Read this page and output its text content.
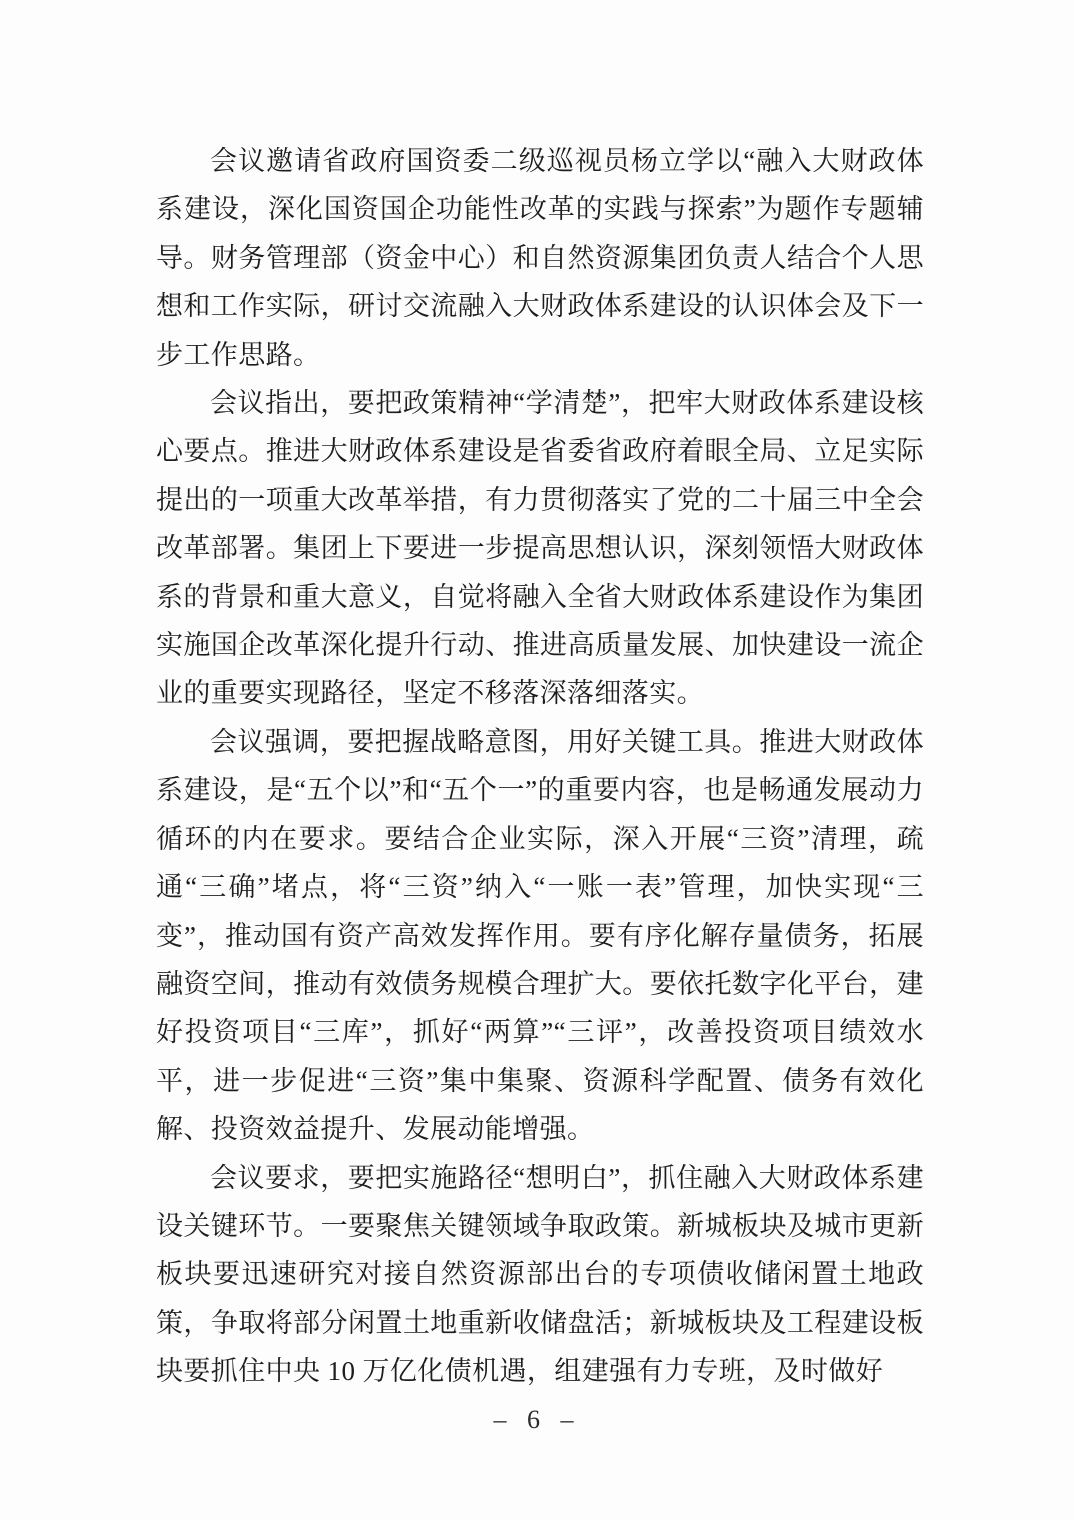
会议邀请省政府国资委二级巡视员杨立学以“融入大财政体系建设，深化国资国企功能性改革的实践与探索”为题作专题辅导。财务管理部（资金中心）和自然资源集团负责人结合个人思想和工作实际，研讨交流融入大财政体系建设的认识体会及下一步工作思路。

会议指出，要把政策精神“学清楚”，把牢大财政体系建设核心要点。推进大财政体系建设是省委省政府着眼全局、立足实际提出的一项重大改革举措，有力贯彻落实了党的二十届三中全会改革部署。集团上下要进一步提高思想认识，深刻领悟大财政体系的背景和重大意义，自觉将融入全省大财政体系建设作为集团实施国企改革深化提升行动、推进高质量发展、加快建设一流企业的重要实现路径，坚定不移落深落细落实。

会议强调，要把握战略意图，用好关键工具。推进大财政体系建设，是“五个以”和“五个一”的重要内容，也是畅通发展动力循环的内在要求。要结合企业实际，深入开展“三资”清理，疏通“三确”堵点，将“三资”纳入“一账一表”管理，加快实现“三变”，推动国有资产高效发挥作用。要有序化解存量债务，拓展融资空间，推动有效债务规模合理扩大。要依托数字化平台，建好投资项目“三库”，抓好“两算”“三评”，改善投资项目绩效水平，进一步促进“三资”集中集聚、资源科学配置、债务有效化解、投资效益提升、发展动能增强。

会议要求，要把实施路径“想明白”，抓住融入大财政体系建设关键环节。一要聚焦关键领域争取政策。新城板块及城市更新板块要迅速研究对接自然资源部出台的专项债收储闲置土地政策，争取将部分闲置土地重新收储盘活；新城板块及工程建设板块要抓住中央 10 万亿化债机遇，组建强有力专班，及时做好

– 6 –
